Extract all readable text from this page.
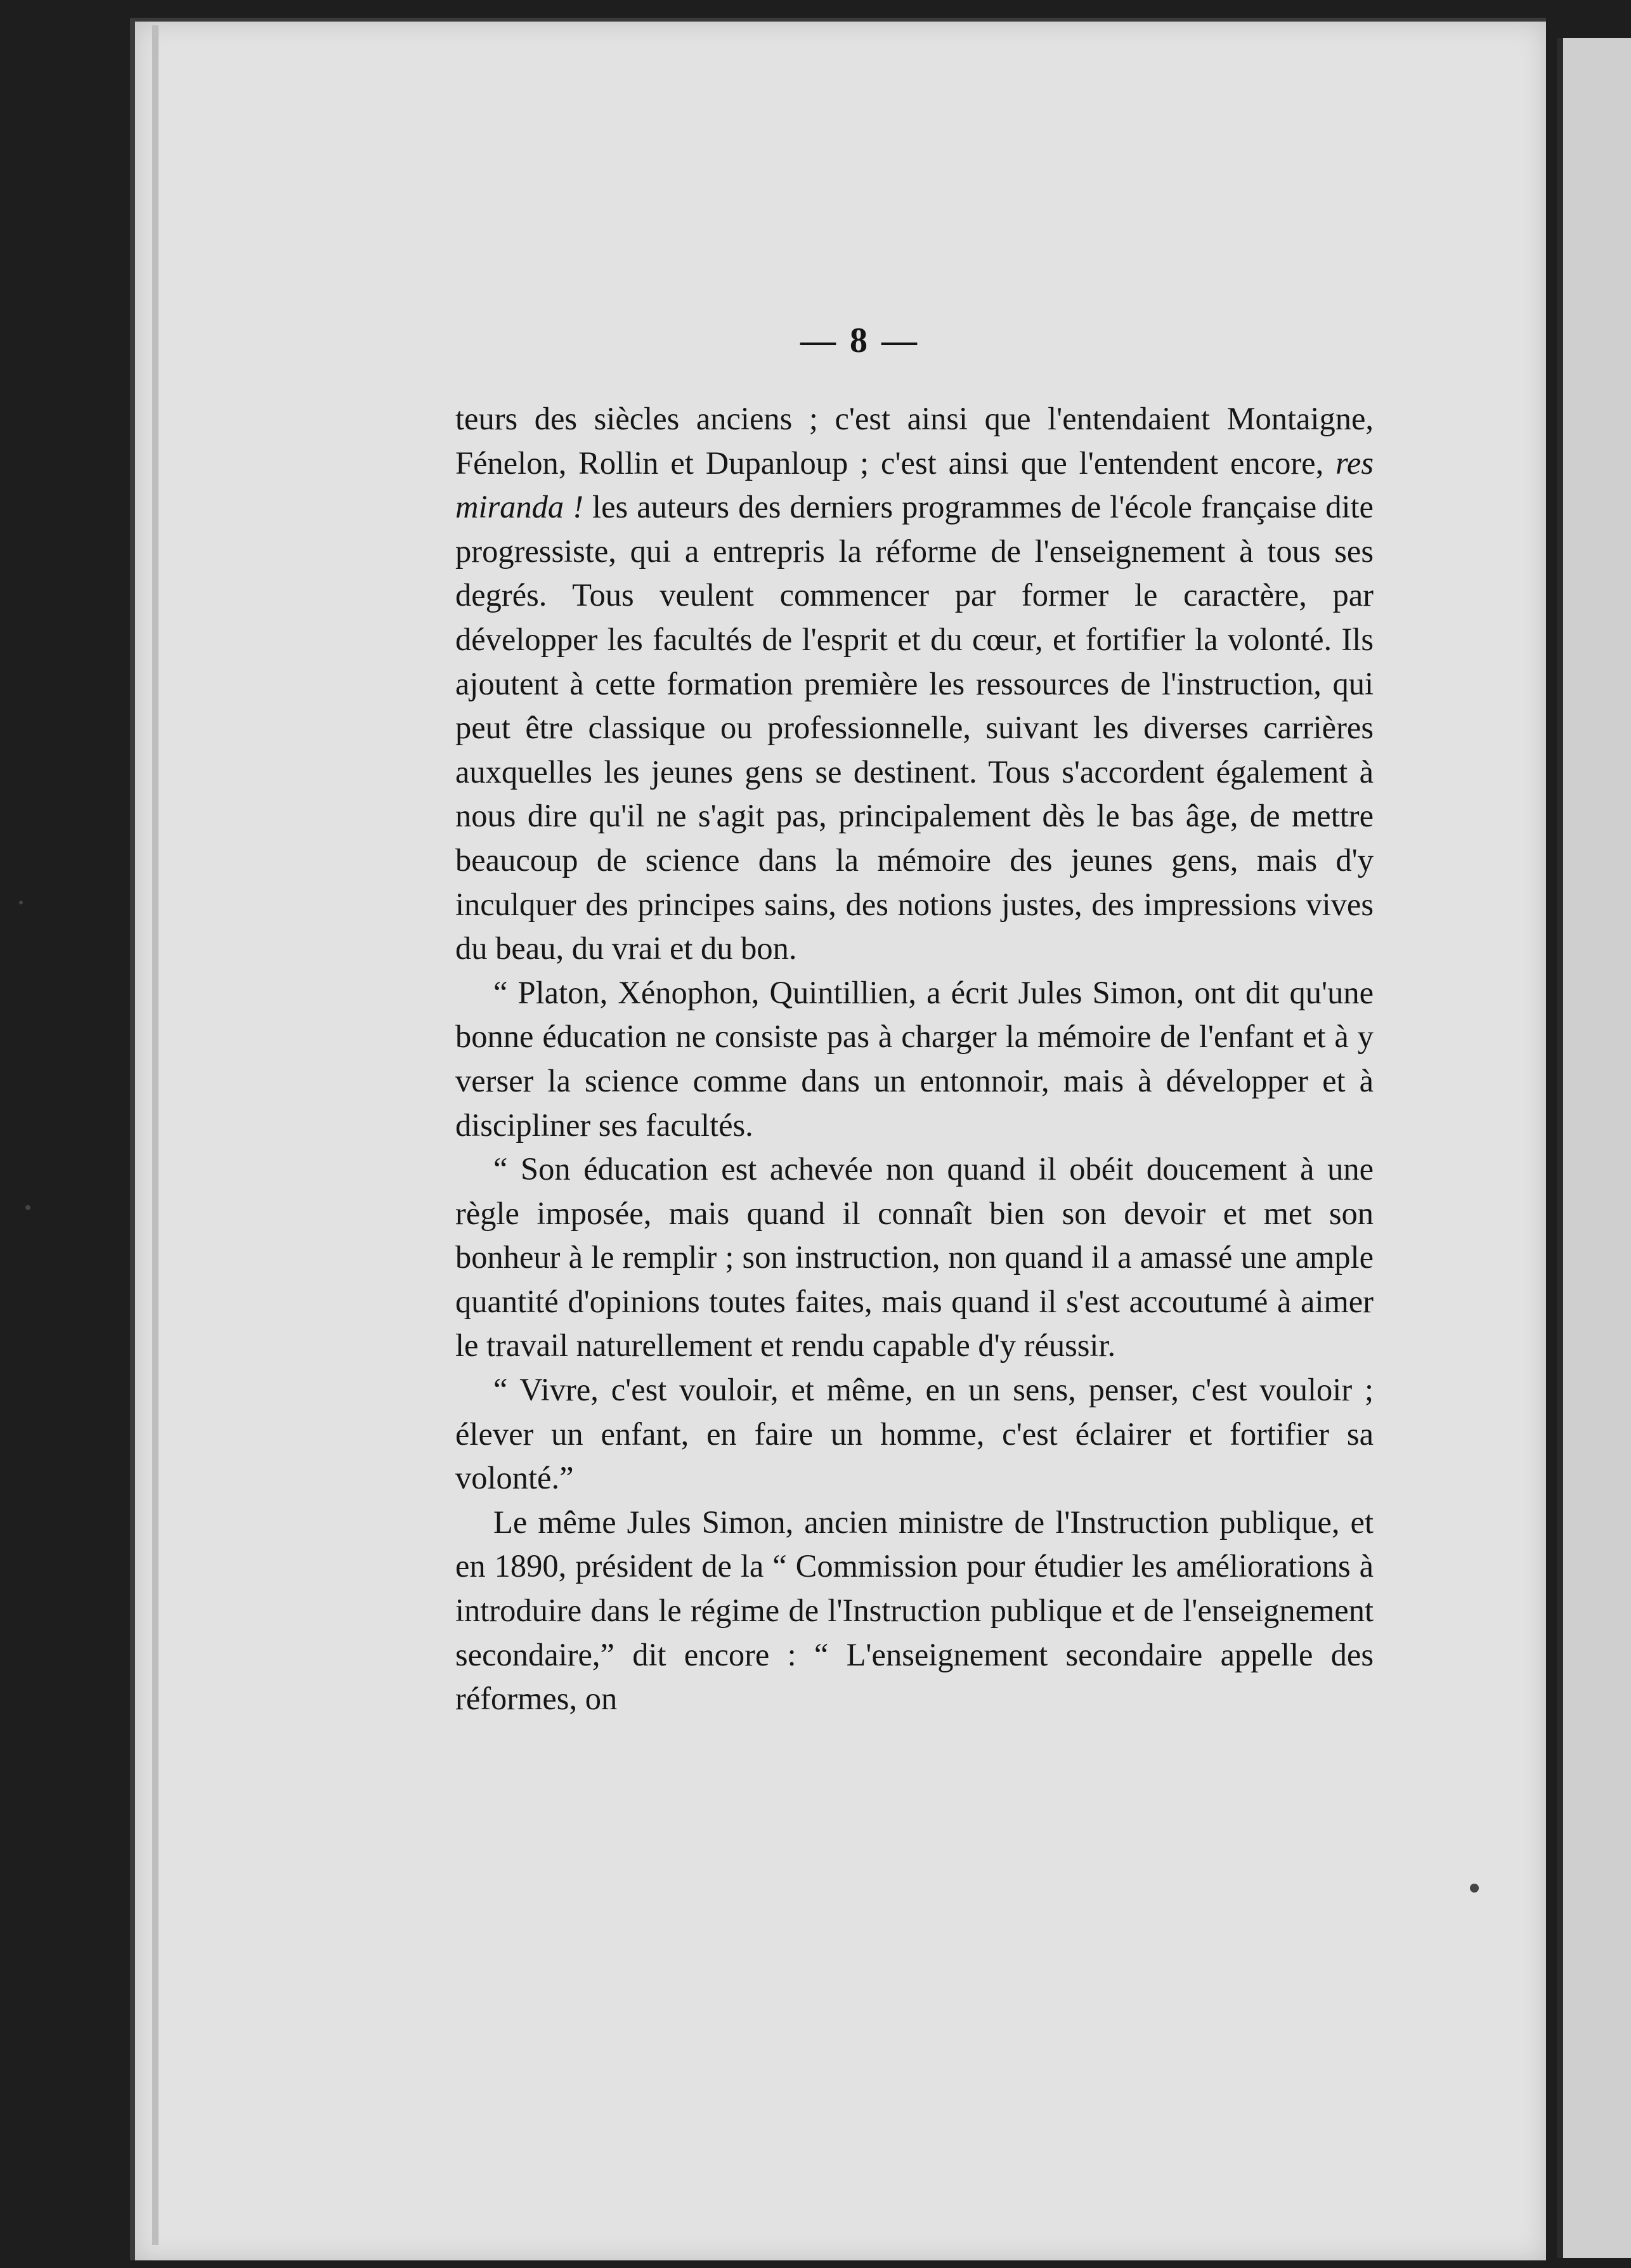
— 8 —

teurs des siècles anciens ; c'est ainsi que l'entendaient Montaigne, Fénelon, Rollin et Dupanloup ; c'est ainsi que l'entendent encore, res miranda ! les auteurs des derniers programmes de l'école française dite progressiste, qui a entrepris la réforme de l'enseignement à tous ses degrés. Tous veulent commencer par former le caractère, par développer les facultés de l'esprit et du cœur, et fortifier la volonté. Ils ajoutent à cette formation première les ressources de l'instruction, qui peut être classique ou professionnelle, suivant les diverses carrières auxquelles les jeunes gens se destinent. Tous s'accordent également à nous dire qu'il ne s'agit pas, principalement dès le bas âge, de mettre beaucoup de science dans la mémoire des jeunes gens, mais d'y inculquer des principes sains, des notions justes, des impressions vives du beau, du vrai et du bon.

“ Platon, Xénophon, Quintillien, a écrit Jules Simon, ont dit qu'une bonne éducation ne consiste pas à charger la mémoire de l'enfant et à y verser la science comme dans un entonnoir, mais à développer et à discipliner ses facultés.

“ Son éducation est achevée non quand il obéit doucement à une règle imposée, mais quand il connaît bien son devoir et met son bonheur à le remplir ; son instruction, non quand il a amassé une ample quantité d'opinions toutes faites, mais quand il s'est accoutumé à aimer le travail naturellement et rendu capable d'y réussir.

“ Vivre, c'est vouloir, et même, en un sens, penser, c'est vouloir ; élever un enfant, en faire un homme, c'est éclairer et fortifier sa volonté.”

Le même Jules Simon, ancien ministre de l'Instruction publique, et en 1890, président de la “ Commission pour étudier les améliorations à introduire dans le régime de l'Instruction publique et de l'enseignement secondaire,” dit encore : “ L'enseignement secondaire appelle des réformes, on
